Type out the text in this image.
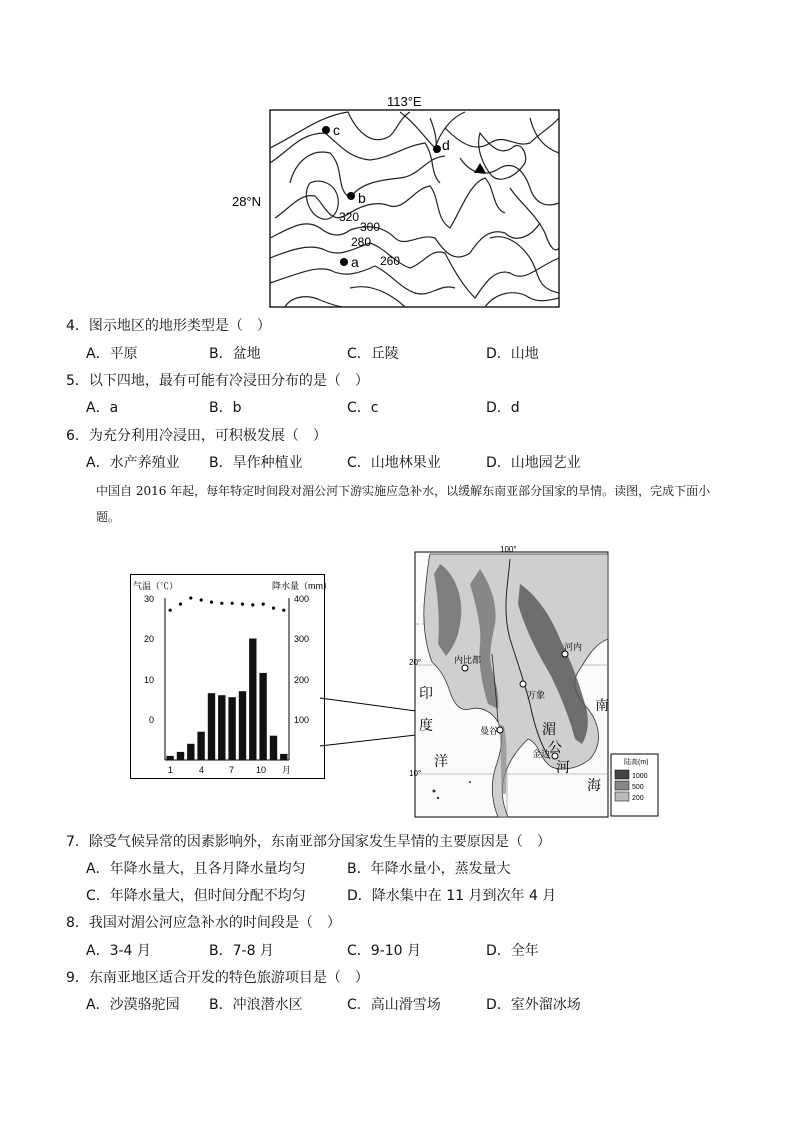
113°E
28°N
c
d
b
320
300
280
a 260
4．图示地区的地形类型是（　）
A．平原	B．盆地	C．丘陵	D．山地
5．以下四地，最有可能有冷浸田分布的是（　）
A．a	B．b	C．c	D．d
6．为充分利用冷浸田，可积极发展（　）
A．水产养殖业 B．旱作种植业	C．山地林果业	D．山地园艺业
中国自 2016 年起，每年特定时间段对湄公河下游实施应急补水，以缓解东南亚部分国家的旱情。读图，完成下面小题。
气温（℃）	降水量（mm）
30
20
10
0
400
300
200
100
1	4	7 10 月
100°
20°
10°
河内
内比都
万象
曼谷
金边
印
度
洋
南
海
湄
公
河	陆高(m)
1000
500
200
7．除受气候异常的因素影响外，东南亚部分国家发生旱情的主要原因是（　）
A．年降水量大，且各月降水量均匀	B．年降水量小，蒸发量大
C．年降水量大，但时间分配不均匀	D．降水集中在 11 月到次年 4 月
8．我国对湄公河应急补水的时间段是（　）
A．3-4 月	B．7-8 月	C．9-10 月	D．全年
9．东南亚地区适合开发的特色旅游项目是（　）
A．沙漠骆驼园 B．冲浪潜水区	C．高山滑雪场	D．室外溜冰场
